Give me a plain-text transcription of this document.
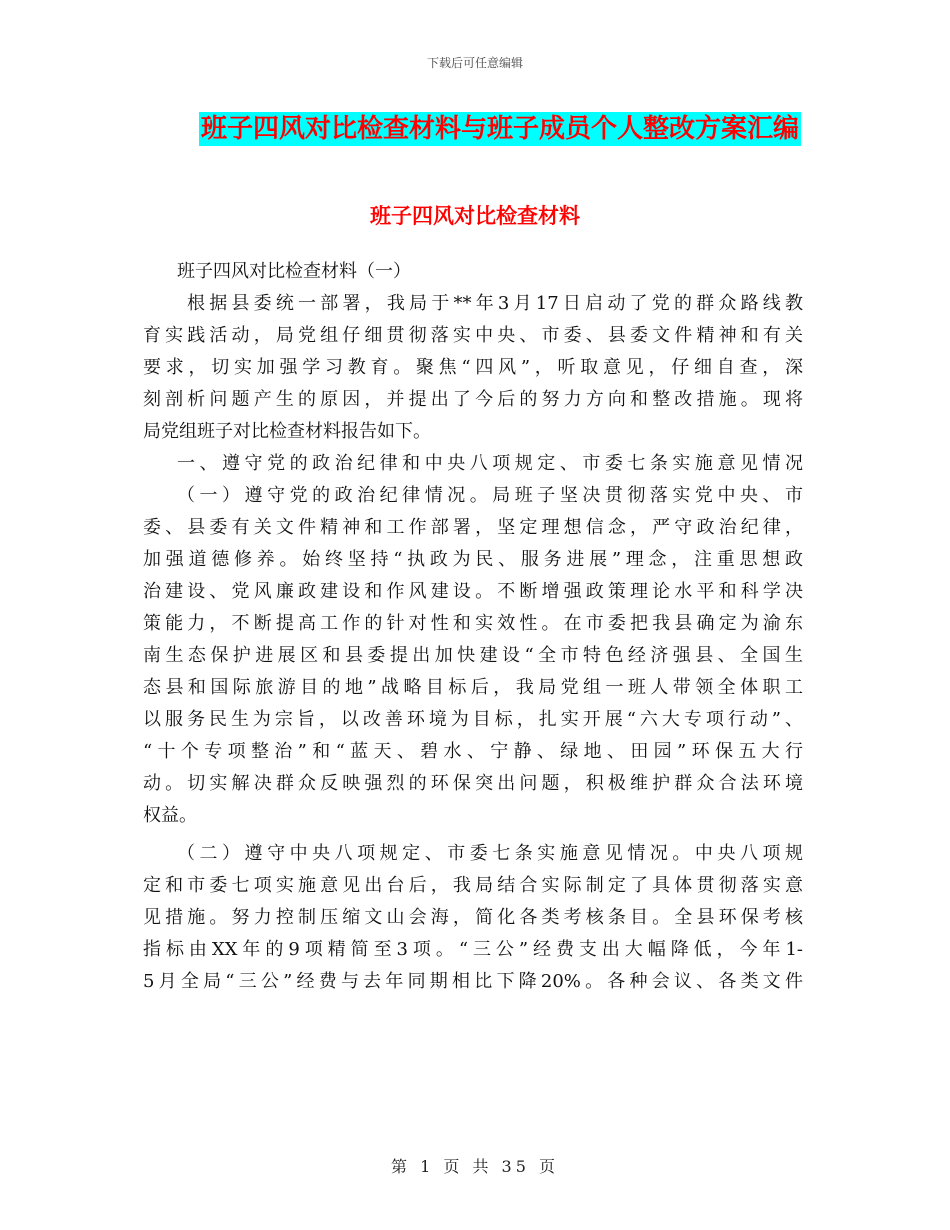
下载后可任意编辑
班子四风对比检查材料与班子成员个人整改方案汇编
班子四风对比检查材料
班子四风对比检查材料（一）
根据县委统一部署，我局于**年3月17日启动了党的群众路线教
育实践活动，局党组仔细贯彻落实中央、市委、县委文件精神和有关
要求，切实加强学习教育。聚焦“四风”，听取意见，仔细自查，深
刻剖析问题产生的原因，并提出了今后的努力方向和整改措施。现将
局党组班子对比检查材料报告如下。
一、遵守党的政治纪律和中央八项规定、市委七条实施意见情况
（一）遵守党的政治纪律情况。局班子坚决贯彻落实党中央、市
委、县委有关文件精神和工作部署，坚定理想信念，严守政治纪律，
加强道德修养。始终坚持“执政为民、服务进展”理念，注重思想政
治建设、党风廉政建设和作风建设。不断增强政策理论水平和科学决
策能力，不断提高工作的针对性和实效性。在市委把我县确定为渝东
南生态保护进展区和县委提出加快建设“全市特色经济强县、全国生
态县和国际旅游目的地”战略目标后，我局党组一班人带领全体职工
以服务民生为宗旨，以改善环境为目标，扎实开展“六大专项行动”、
“十个专项整治”和“蓝天、碧水、宁静、绿地、田园”环保五大行
动。切实解决群众反映强烈的环保突出问题，积极维护群众合法环境
权益。
（二）遵守中央八项规定、市委七条实施意见情况。中央八项规
定和市委七项实施意见出台后，我局结合实际制定了具体贯彻落实意
见措施。努力控制压缩文山会海，简化各类考核条目。全县环保考核
指标由XX年的9项精简至3项。“三公”经费支出大幅降低，今年1-
5月全局“三公”经费与去年同期相比下降20%。各种会议、各类文件
第 1 页 共 35 页
